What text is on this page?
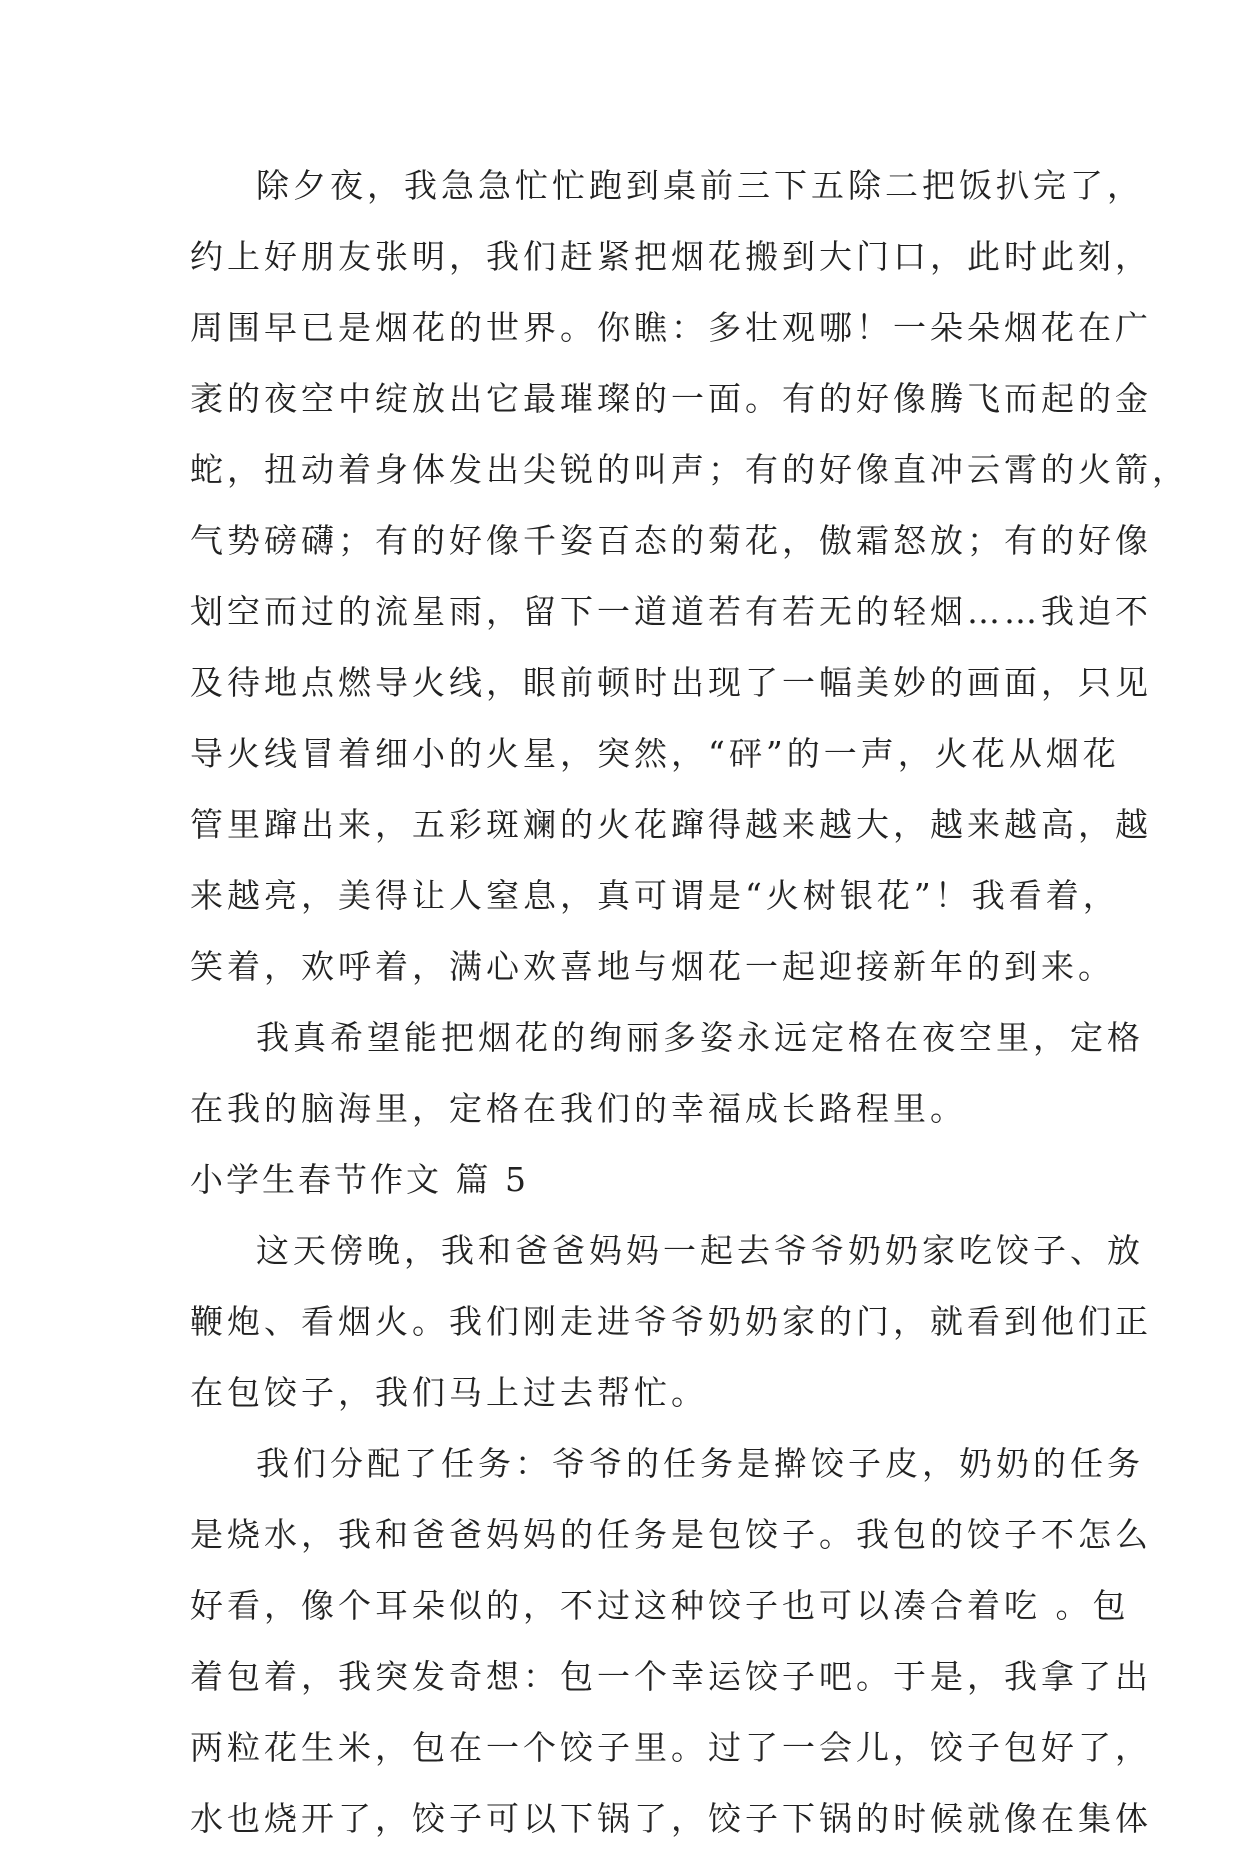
除夕夜，我急急忙忙跑到桌前三下五除二把饭扒完了，
约上好朋友张明，我们赶紧把烟花搬到大门口，此时此刻，
周围早已是烟花的世界。你瞧：多壮观哪！一朵朵烟花在广
袤的夜空中绽放出它最璀璨的一面。有的好像腾飞而起的金
蛇，扭动着身体发出尖锐的叫声；有的好像直冲云霄的火箭，
气势磅礴；有的好像千姿百态的菊花，傲霜怒放；有的好像
划空而过的流星雨，留下一道道若有若无的轻烟……我迫不
及待地点燃导火线，眼前顿时出现了一幅美妙的画面，只见
导火线冒着细小的火星，突然，“砰”的一声，火花从烟花
管里蹿出来，五彩斑斓的火花蹿得越来越大，越来越高，越
来越亮，美得让人窒息，真可谓是“火树银花”！我看着，
笑着，欢呼着，满心欢喜地与烟花一起迎接新年的到来。
我真希望能把烟花的绚丽多姿永远定格在夜空里，定格
在我的脑海里，定格在我们的幸福成长路程里。
小学生春节作文 篇 5
这天傍晚，我和爸爸妈妈一起去爷爷奶奶家吃饺子、放
鞭炮、看烟火。我们刚走进爷爷奶奶家的门，就看到他们正
在包饺子，我们马上过去帮忙。
我们分配了任务：爷爷的任务是擀饺子皮，奶奶的任务
是烧水，我和爸爸妈妈的任务是包饺子。我包的饺子不怎么
好看，像个耳朵似的，不过这种饺子也可以凑合着吃 。包
着包着，我突发奇想：包一个幸运饺子吧。于是，我拿了出
两粒花生米，包在一个饺子里。过了一会儿，饺子包好了，
水也烧开了，饺子可以下锅了，饺子下锅的时候就像在集体
